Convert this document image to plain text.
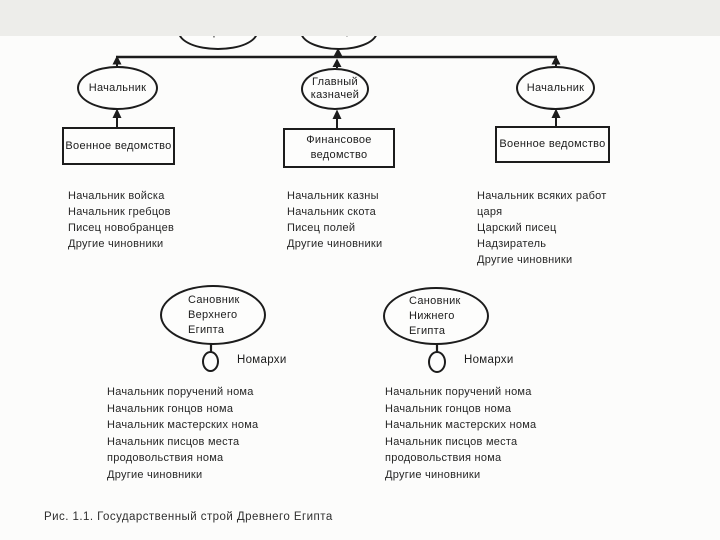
Начальник	Главный
казначей
Начальник
Военное ведомство	Финансовое
ведомство
Военное ведомство
Начальник войска
Начальник гребцов
Писец новобранцев
Другие чиновники
Начальник казны
Начальник скота
Писец полей
Другие чиновники
Начальник всяких работ
царя
Царский писец
Надзиратель
Другие чиновники
Сановник
Верхнего
Египта
Сановник
Нижнего
Египта
Номархи	Номархи
Начальник поручений нома
Начальник гонцов нома
Начальник мастерских нома
Начальник писцов места
продовольствия нома
Другие чиновники
Начальник поручений нома
Начальник гонцов нома
Начальник мастерских нома
Начальник писцов места
продовольствия нома
Другие чиновники
Рис. 1.1. Государственный строй Древнего Египта
